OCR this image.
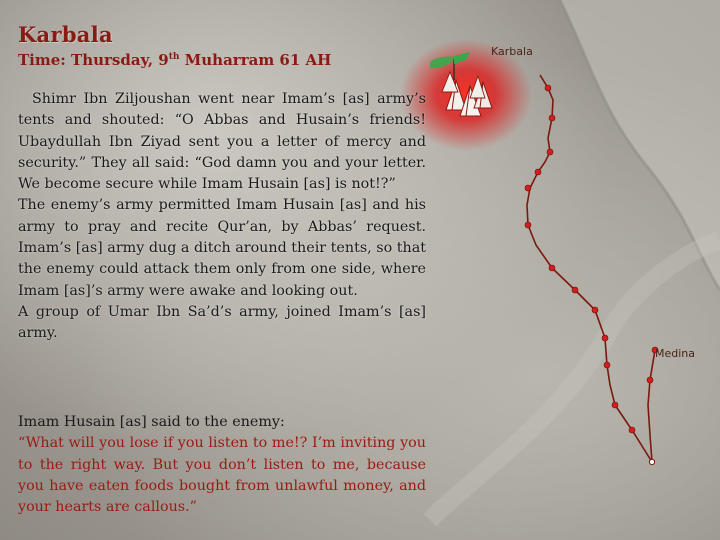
Karbala
Medina
Karbala
Time: Thursday, 9th Muharram 61 AH

Shimr Ibn Ziljoushan went near Imam’s [as] army’s tents and shouted: “O Abbas and Husain’s friends! Ubaydullah Ibn Ziyad sent you a letter of mercy and security.” They all said: “God damn you and your letter. We become secure while Imam Husain [as] is not!?”

The enemy’s army permitted Imam Husain [as] and his army to pray and recite Qur’an, by Abbas’ request. Imam’s [as] army dug a ditch around their tents, so that the enemy could attack them only from one side, where Imam [as]’s army were awake and looking out.

A group of Umar Ibn Sa’d’s army, joined Imam’s [as] army.

Imam Husain [as] said to the enemy:

“What will you lose if you listen to me!? I’m inviting you to the right way. But you don’t listen to me, because you have eaten foods bought from unlawful money, and your hearts are callous.”
